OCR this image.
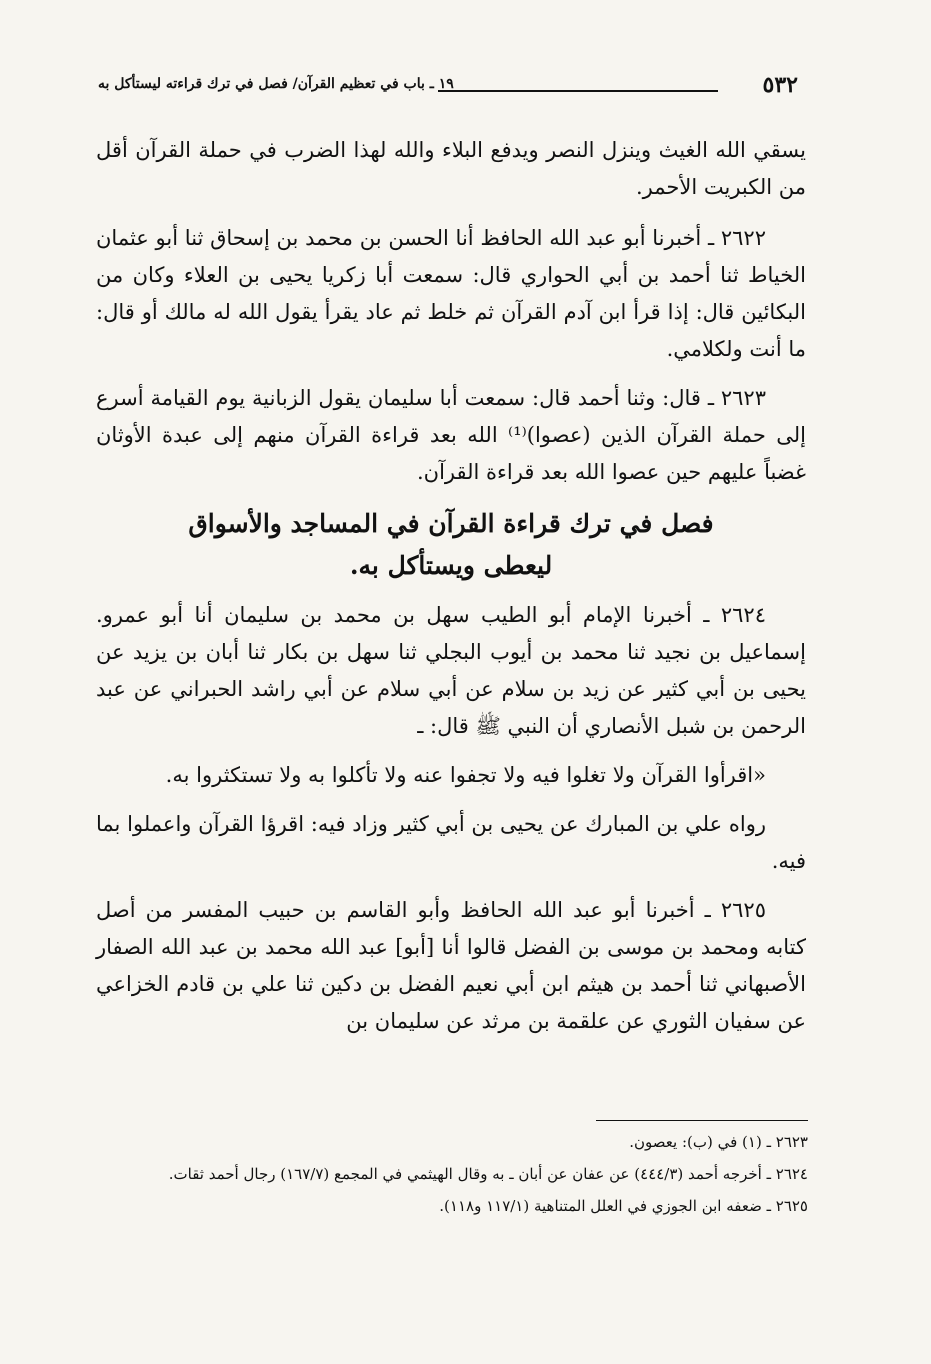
٥٣٢
١٩ ـ باب في تعظيم القرآن/ فصل في ترك قراءته ليستأكل به

يسقي الله الغيث وينزل النصر ويدفع البلاء والله لهذا الضرب في حملة القرآن أقل من الكبريت الأحمر.

٢٦٢٢ ـ أخبرنا أبو عبد الله الحافظ أنا الحسن بن محمد بن إسحاق ثنا أبو عثمان الخياط ثنا أحمد بن أبي الحواري قال: سمعت أبا زكريا يحيى بن العلاء وكان من البكائين قال: إذا قرأ ابن آدم القرآن ثم خلط ثم عاد يقرأ يقول الله له مالك أو قال: ما أنت ولكلامي.

٢٦٢٣ ـ قال: وثنا أحمد قال: سمعت أبا سليمان يقول الزبانية يوم القيامة أسرع إلى حملة القرآن الذين (عصوا)⁽¹⁾ الله بعد قراءة القرآن منهم إلى عبدة الأوثان غضباً عليهم حين عصوا الله بعد قراءة القرآن.

فصل في ترك قراءة القرآن في المساجد والأسواق
ليعطى ويستأكل به.

٢٦٢٤ ـ أخبرنا الإمام أبو الطيب سهل بن محمد بن سليمان أنا أبو عمرو. إسماعيل بن نجيد ثنا محمد بن أيوب البجلي ثنا سهل بن بكار ثنا أبان بن يزيد عن يحيى بن أبي كثير عن زيد بن سلام عن أبي سلام عن أبي راشد الحبراني عن عبد الرحمن بن شبل الأنصاري أن النبي ﷺ قال: ـ

«اقرأوا القرآن ولا تغلوا فيه ولا تجفوا عنه ولا تأكلوا به ولا تستكثروا به.

رواه علي بن المبارك عن يحيى بن أبي كثير وزاد فيه: اقرؤا القرآن واعملوا بما فيه.

٢٦٢٥ ـ أخبرنا أبو عبد الله الحافظ وأبو القاسم بن حبيب المفسر من أصل كتابه ومحمد بن موسى بن الفضل قالوا أنا [أبو] عبد الله محمد بن عبد الله الصفار الأصبهاني ثنا أحمد بن هيثم ابن أبي نعيم الفضل بن دكين ثنا علي بن قادم الخزاعي عن سفيان الثوري عن علقمة بن مرثد عن سليمان بن

٢٦٢٣ ـ (١) في (ب): يعصون.

٢٦٢٤ ـ أخرجه أحمد (٤٤٤/٣) عن عفان عن أبان ـ به وقال الهيثمي في المجمع (١٦٧/٧) رجال أحمد ثقات.

٢٦٢٥ ـ ضعفه ابن الجوزي في العلل المتناهية (١١٧/١ و١١٨).
